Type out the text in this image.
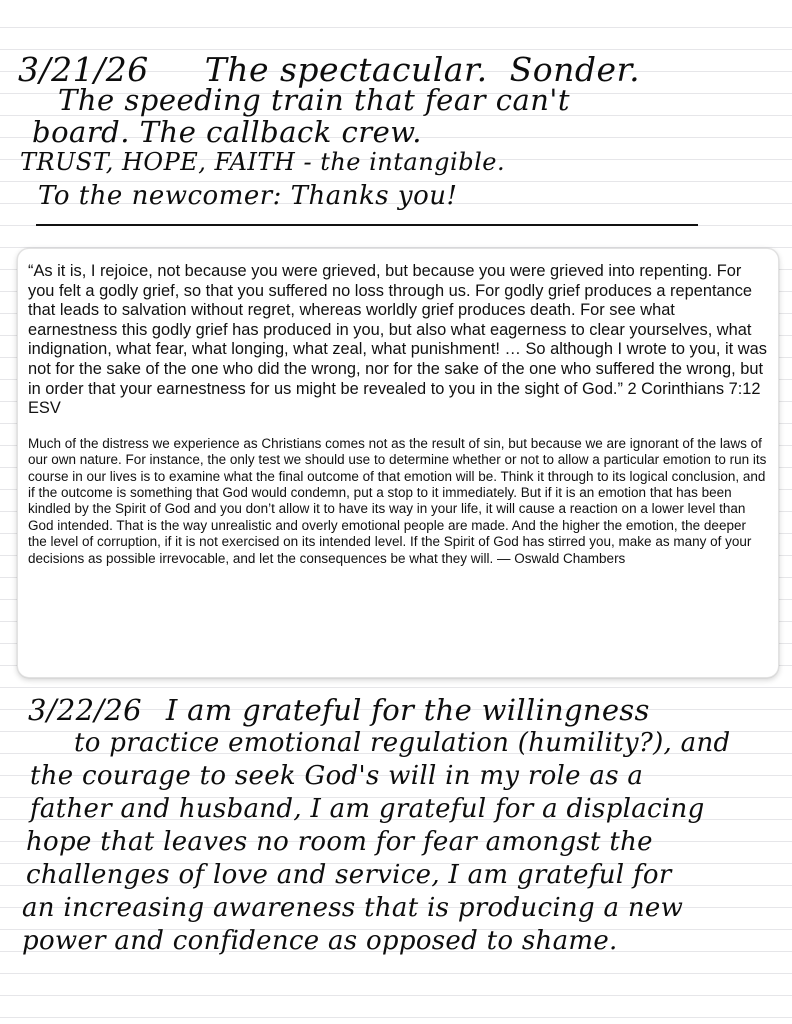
3/21/26 The spectacular. Sonder.
The speeding train that fear can't
board. The callback crew.
TRUST, HOPE, FAITH - the intangible.
To the newcomer: Thanks you!

“As it is, I rejoice, not because you were grieved, but because you were grieved into repenting. For you felt a godly grief, so that you suffered no loss through us. For godly grief produces a repentance that leads to salvation without regret, whereas worldly grief produces death. For see what earnestness this godly grief has produced in you, but also what eagerness to clear yourselves, what indignation, what fear, what longing, what zeal, what punishment! … So although I wrote to you, it was not for the sake of the one who did the wrong, nor for the sake of the one who suffered the wrong, but in order that your earnestness for us might be revealed to you in the sight of God.” 2 Corinthians 7:12 ESV

Much of the distress we experience as Christians comes not as the result of sin, but because we are ignorant of the laws of our own nature. For instance, the only test we should use to determine whether or not to allow a particular emotion to run its course in our lives is to examine what the final outcome of that emotion will be. Think it through to its logical conclusion, and if the outcome is something that God would condemn, put a stop to it immediately. But if it is an emotion that has been kindled by the Spirit of God and you don’t allow it to have its way in your life, it will cause a reaction on a lower level than God intended. That is the way unrealistic and overly emotional people are made. And the higher the emotion, the deeper the level of corruption, if it is not exercised on its intended level. If the Spirit of God has stirred you, make as many of your decisions as possible irrevocable, and let the consequences be what they will. — Oswald Chambers

3/22/26 I am grateful for the willingness
to practice emotional regulation (humility?), and
the courage to seek God's will in my role as a
father and husband, I am grateful for a displacing
hope that leaves no room for fear amongst the
challenges of love and service, I am grateful for
an increasing awareness that is producing a new
power and confidence as opposed to shame.
